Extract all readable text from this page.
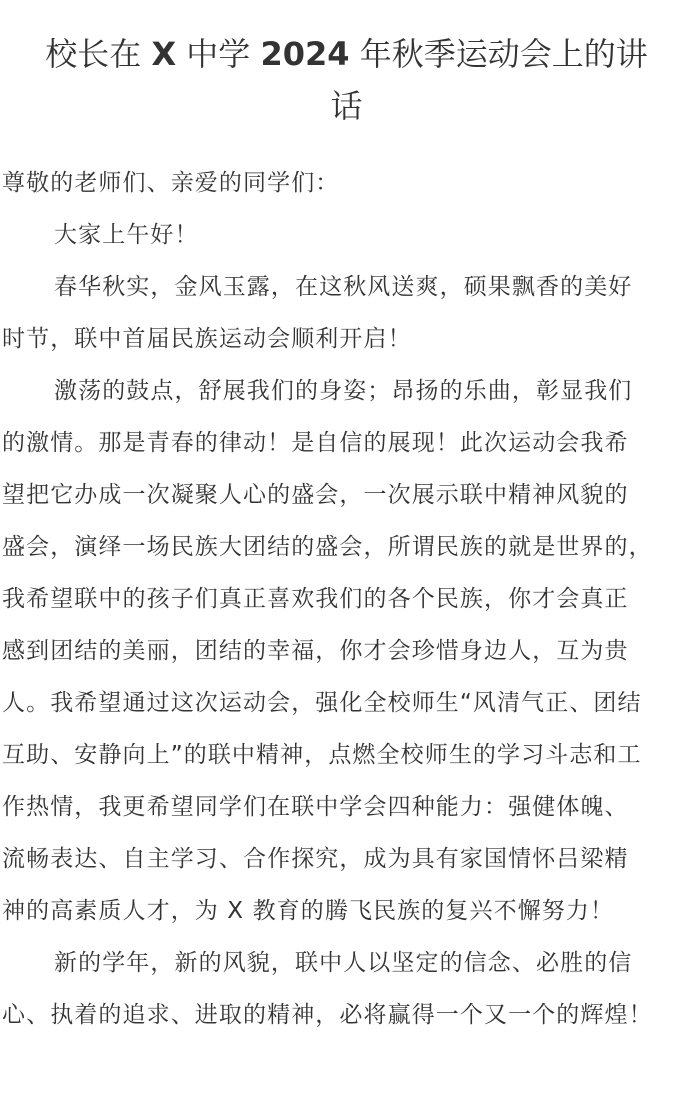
校长在 X 中学 2024 年秋季运动会上的讲
话
尊敬的老师们、亲爱的同学们：
大家上午好！
春华秋实，金风玉露，在这秋风送爽，硕果飘香的美好
时节，联中首届民族运动会顺利开启！
激荡的鼓点，舒展我们的身姿；昂扬的乐曲，彰显我们
的激情。那是青春的律动！是自信的展现！此次运动会我希
望把它办成一次凝聚人心的盛会，一次展示联中精神风貌的
盛会，演绎一场民族大团结的盛会，所谓民族的就是世界的，
我希望联中的孩子们真正喜欢我们的各个民族，你才会真正
感到团结的美丽，团结的幸福，你才会珍惜身边人，互为贵
人。我希望通过这次运动会，强化全校师生“风清气正、团结
互助、安静向上”的联中精神，点燃全校师生的学习斗志和工
作热情，我更希望同学们在联中学会四种能力：强健体魄、
流畅表达、自主学习、合作探究，成为具有家国情怀吕梁精
神的高素质人才，为 X 教育的腾飞民族的复兴不懈努力！
新的学年，新的风貌，联中人以坚定的信念、必胜的信
心、执着的追求、进取的精神，必将赢得一个又一个的辉煌！
